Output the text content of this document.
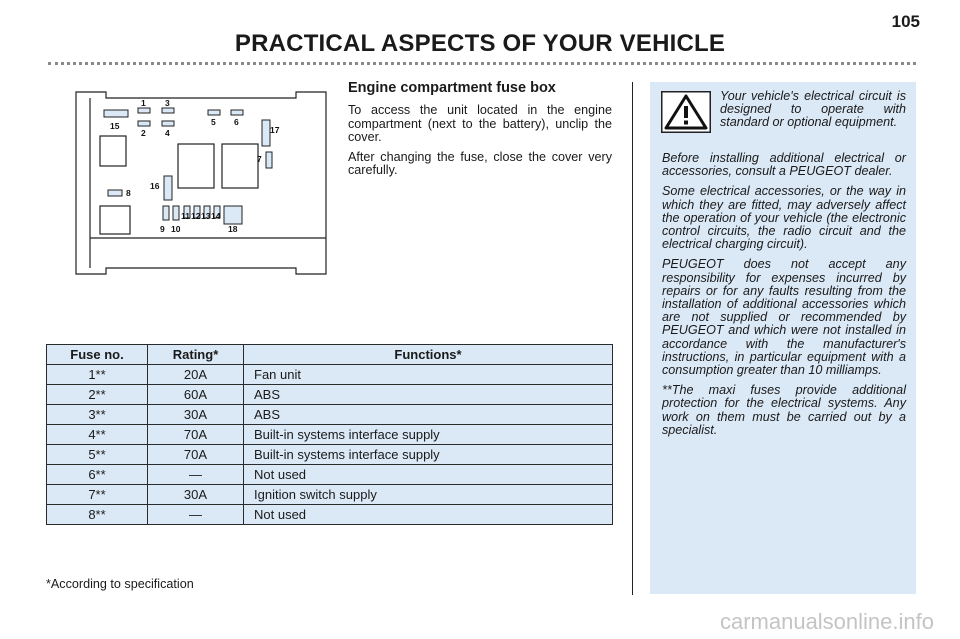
105
PRACTICAL ASPECTS OF YOUR VEHICLE
15
1
2
3
4
5 6
17
7
16
8
9 10
11 12 13 14
18
Engine compartment fuse box

To access the unit located in the engine compartment (next to the battery), unclip the cover.

After changing the fuse, close the cover very carefully.

Fuse no.	Rating*	Functions*
1**	20A	Fan unit
2**	60A	ABS
3**	30A	ABS
4**	70A	Built-in systems interface supply
5**	70A	Built-in systems interface supply
6**	—	Not used
7**	30A	Ignition switch supply
8**	—	Not used
*According to specification

Your vehicle's electrical circuit is designed to operate with standard or optional equipment.

Before installing additional electrical or accessories, consult a PEUGEOT dealer.

Some electrical accessories, or the way in which they are fitted, may adversely affect the operation of your vehicle (the electronic control circuits, the radio circuit and the electrical charging circuit).

PEUGEOT does not accept any responsibility for expenses incurred by repairs or for any faults resulting from the installation of additional accessories which are not supplied or recommended by PEUGEOT and which were not installed in accordance with the manufacturer's instructions, in particular equipment with a consumption greater than 10 milliamps.

**The maxi fuses provide additional protection for the electrical systems. Any work on them must be carried out by a specialist.

carmanualsonline.info
